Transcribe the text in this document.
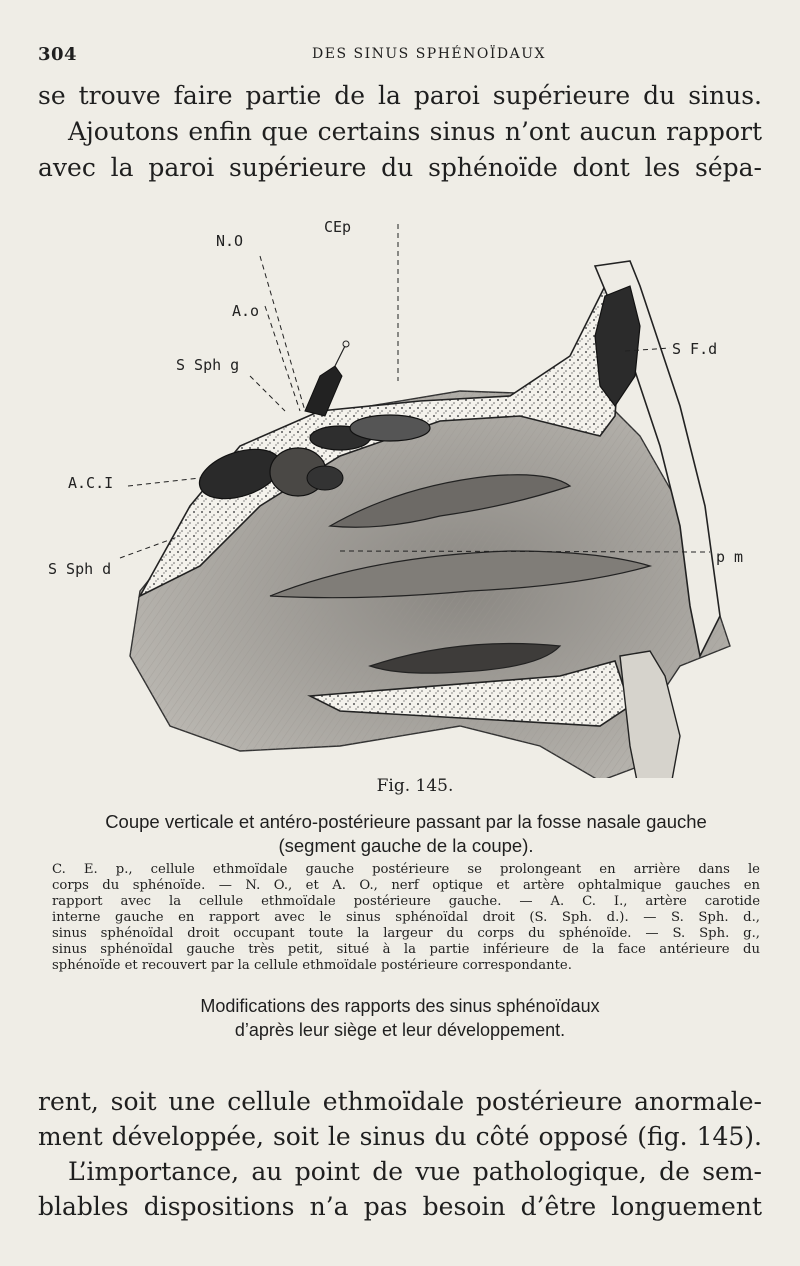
304	DES SINUS SPHÉNOÏDAUX
se trouve faire partie de la paroi supérieure du sinus.
Ajoutons enfin que certains sinus n’ont aucun rapport
avec la paroi supérieure du sphénoïde dont les sépa-
N.O
CEp
A.o
S Sph g
S F.d
A.C.I
S Sph d
p m
Fig. 145.
Coupe verticale et antéro-postérieure passant par la fosse nasale gauche
(segment gauche de la coupe).
C. E. p., cellule ethmoïdale gauche postérieure se prolongeant en arrière dans le
corps du sphénoïde. — N. O., et A. O., nerf optique et artère ophtalmique gauches en
rapport avec la cellule ethmoïdale postérieure gauche. — A. C. I., artère carotide
interne gauche en rapport avec le sinus sphénoïdal droit (S. Sph. d.). — S. Sph. d.,
sinus sphénoïdal droit occupant toute la largeur du corps du sphénoïde. — S. Sph. g.,
sinus sphénoïdal gauche très petit, situé à la partie inférieure de la face antérieure du
sphénoïde et recouvert par la cellule ethmoïdale postérieure correspondante.
Modifications des rapports des sinus sphénoïdaux
d’après leur siège et leur développement.
rent, soit une cellule ethmoïdale postérieure anormale-
ment développée, soit le sinus du côté opposé (fig. 145).
L’importance, au point de vue pathologique, de sem-
blables dispositions n’a pas besoin d’être longuement
